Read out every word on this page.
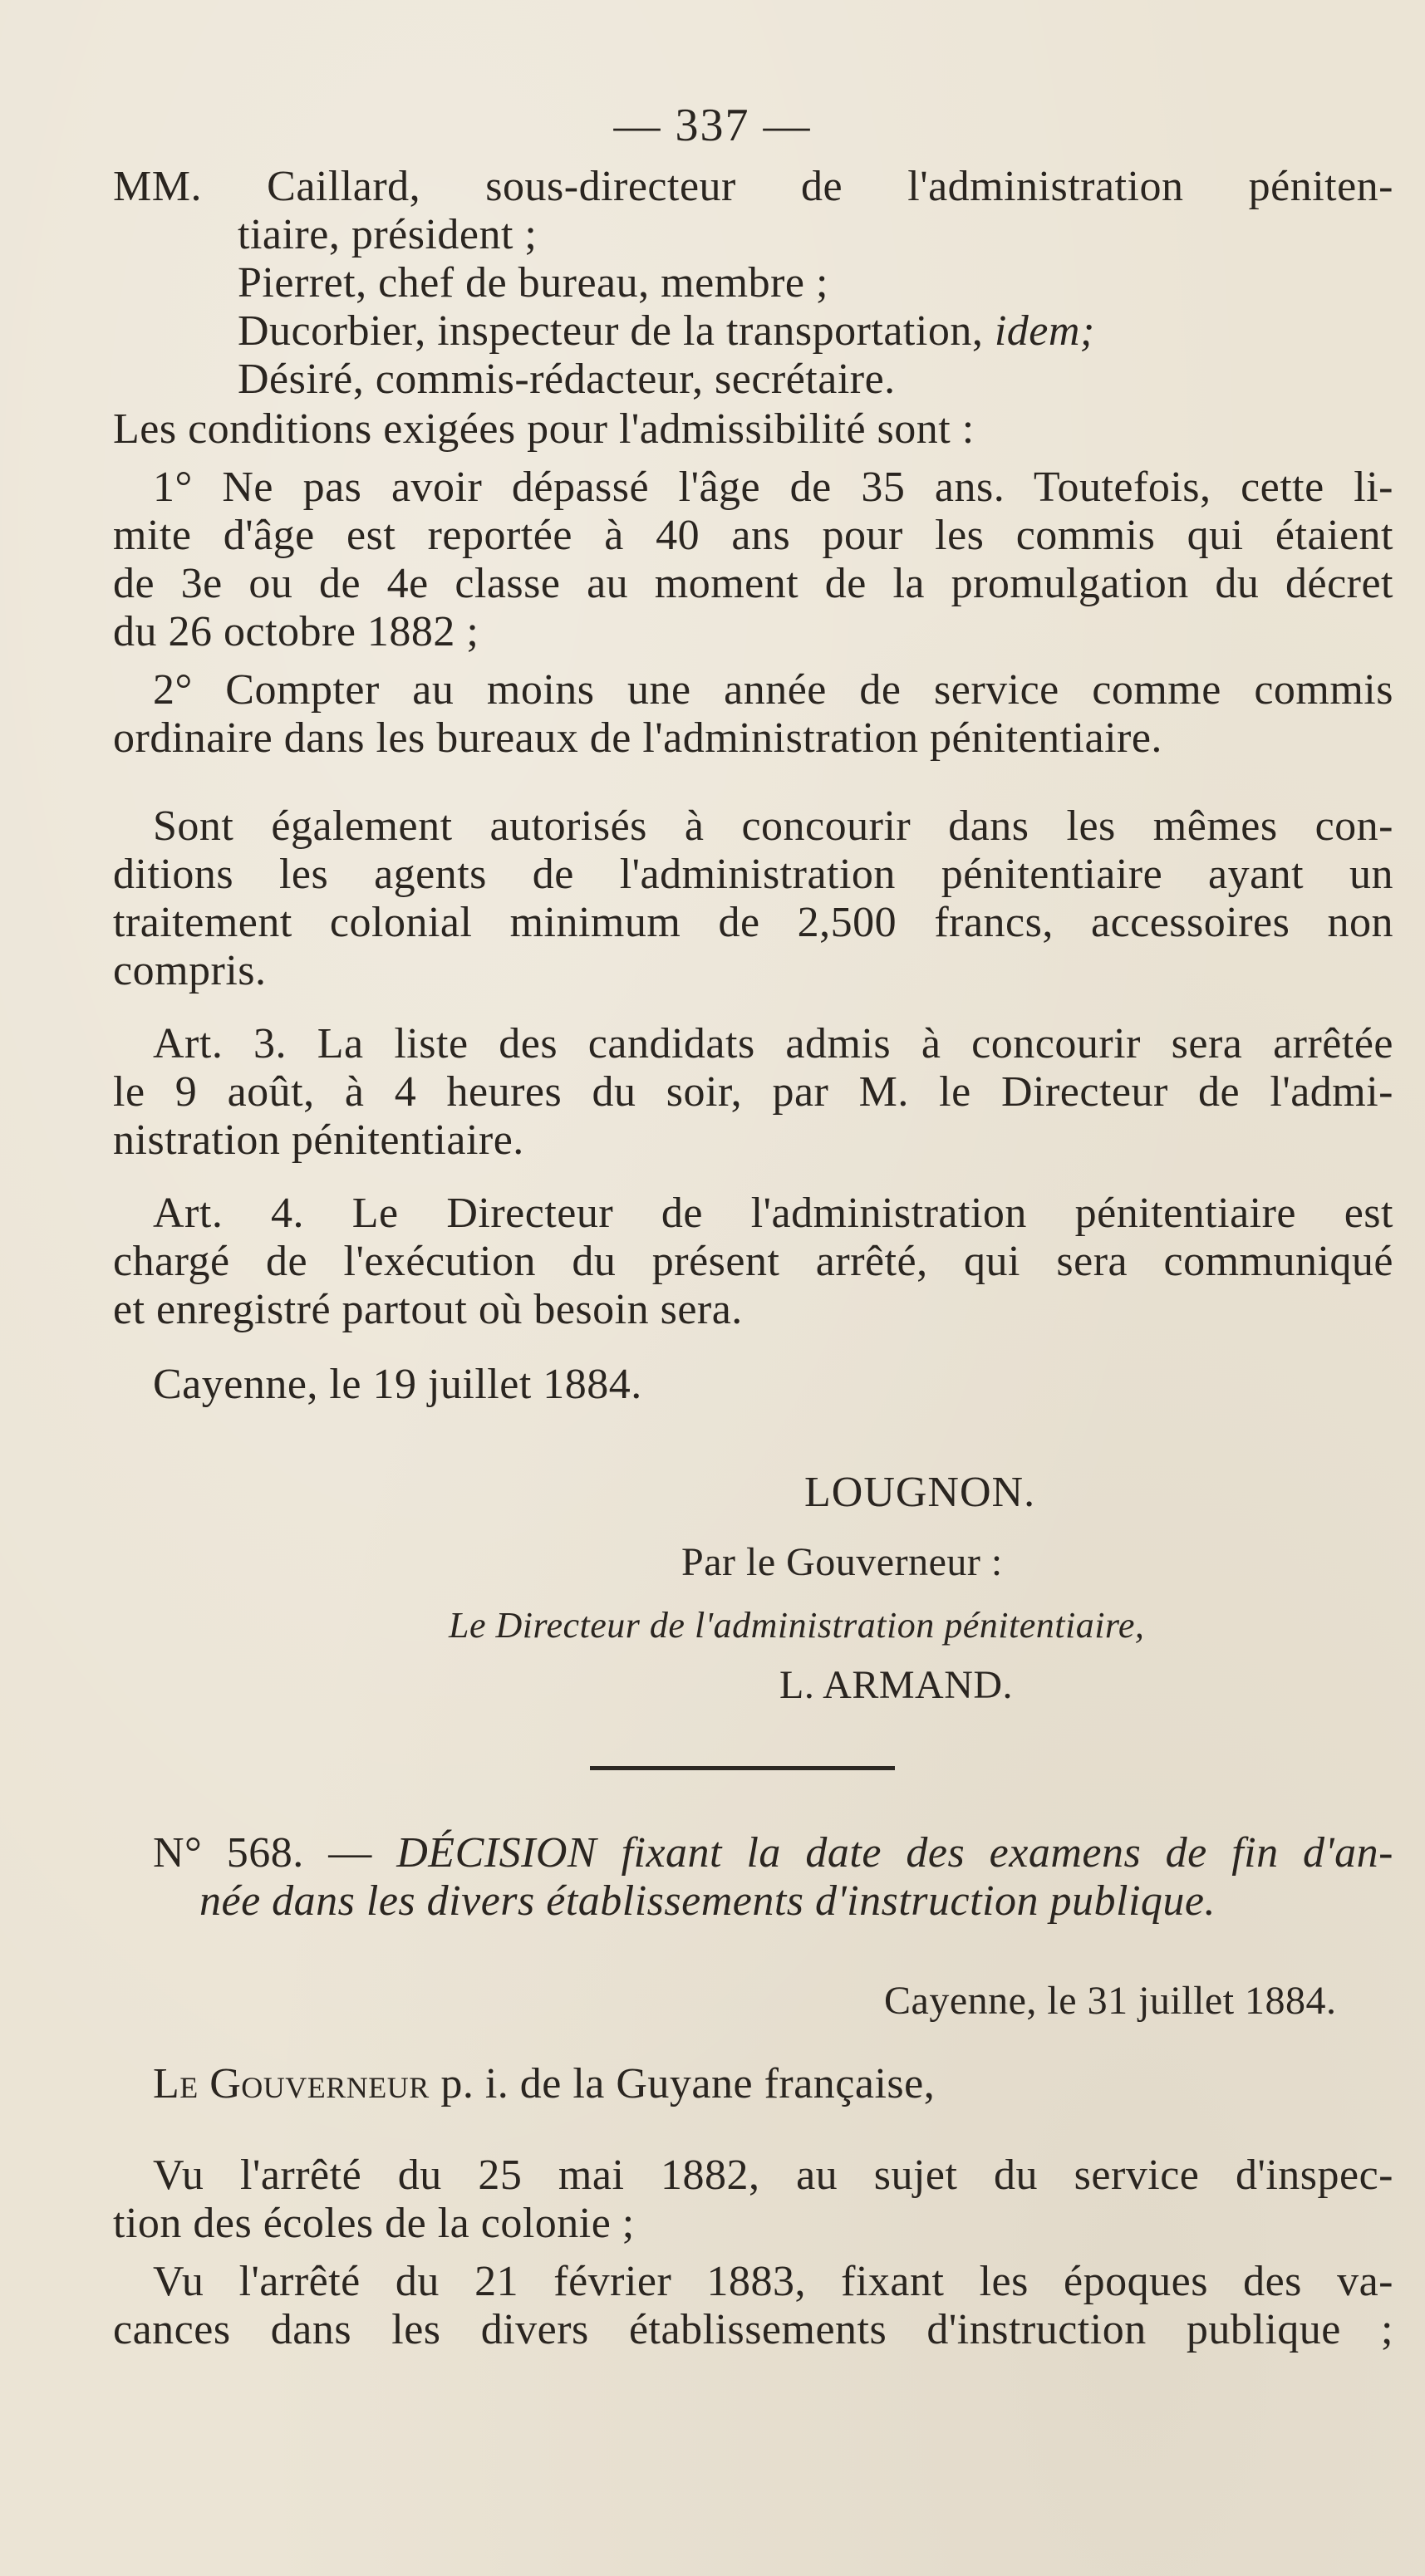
— 337 —
MM. Caillard, sous-directeur de l'administration péniten-
tiaire, président ;
Pierret, chef de bureau, membre ;
Ducorbier, inspecteur de la transportation, idem;
Désiré, commis-rédacteur, secrétaire.
Les conditions exigées pour l'admissibilité sont :
1° Ne pas avoir dépassé l'âge de 35 ans. Toutefois, cette li-
mite d'âge est reportée à 40 ans pour les commis qui étaient
de 3e ou de 4e classe au moment de la promulgation du décret
du 26 octobre 1882 ;
2° Compter au moins une année de service comme commis
ordinaire dans les bureaux de l'administration pénitentiaire.
Sont également autorisés à concourir dans les mêmes con-
ditions les agents de l'administration pénitentiaire ayant un
traitement colonial minimum de 2,500 francs, accessoires non
compris.
Art. 3. La liste des candidats admis à concourir sera arrêtée
le 9 août, à 4 heures du soir, par M. le Directeur de l'admi-
nistration pénitentiaire.
Art. 4. Le Directeur de l'administration pénitentiaire est
chargé de l'exécution du présent arrêté, qui sera communiqué
et enregistré partout où besoin sera.
Cayenne, le 19 juillet 1884.
LOUGNON.
Par le Gouverneur :
Le Directeur de l'administration pénitentiaire,
L. ARMAND.
N° 568. — DÉCISION fixant la date des examens de fin d'an-
née dans les divers établissements d'instruction publique.
Cayenne, le 31 juillet 1884.
Le Gouverneur p. i. de la Guyane française,
Vu l'arrêté du 25 mai 1882, au sujet du service d'inspec-
tion des écoles de la colonie ;
Vu l'arrêté du 21 février 1883, fixant les époques des va-
cances dans les divers établissements d'instruction publique ;
